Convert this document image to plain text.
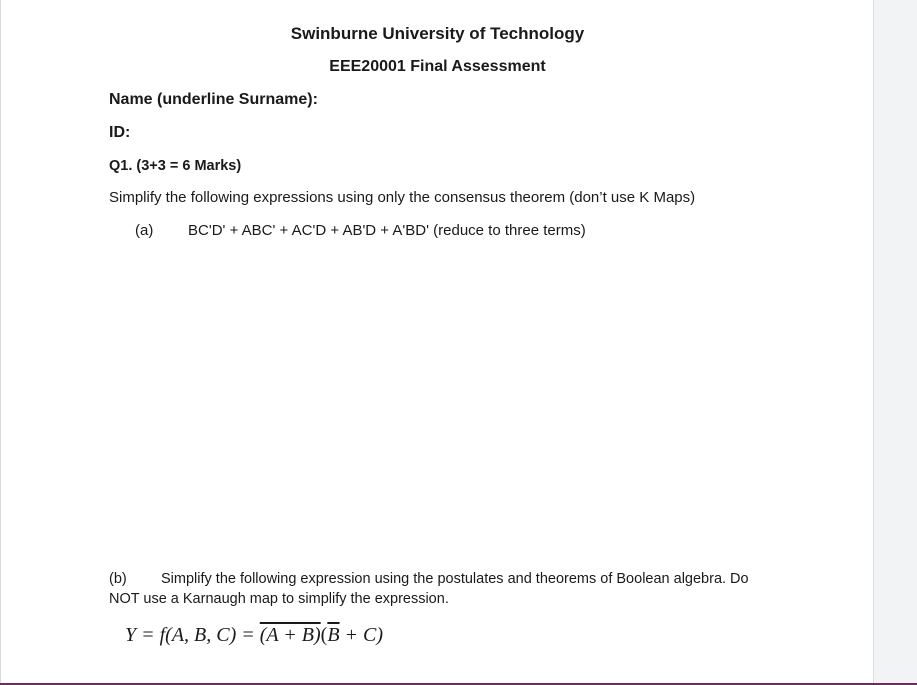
Swinburne University of Technology
EEE20001 Final Assessment
Name (underline Surname):
ID:
Q1. (3+3 = 6 Marks)
Simplify the following expressions using only the consensus theorem (don’t use K Maps)
(a) BC'D' + ABC' + AC'D + AB'D + A'BD' (reduce to three terms)
(b) Simplify the following expression using the postulates and theorems of Boolean algebra. Do NOT use a Karnaugh map to simplify the expression.
Y = f(A, B, $C) = (A + B)(\overline{B} + C)$
